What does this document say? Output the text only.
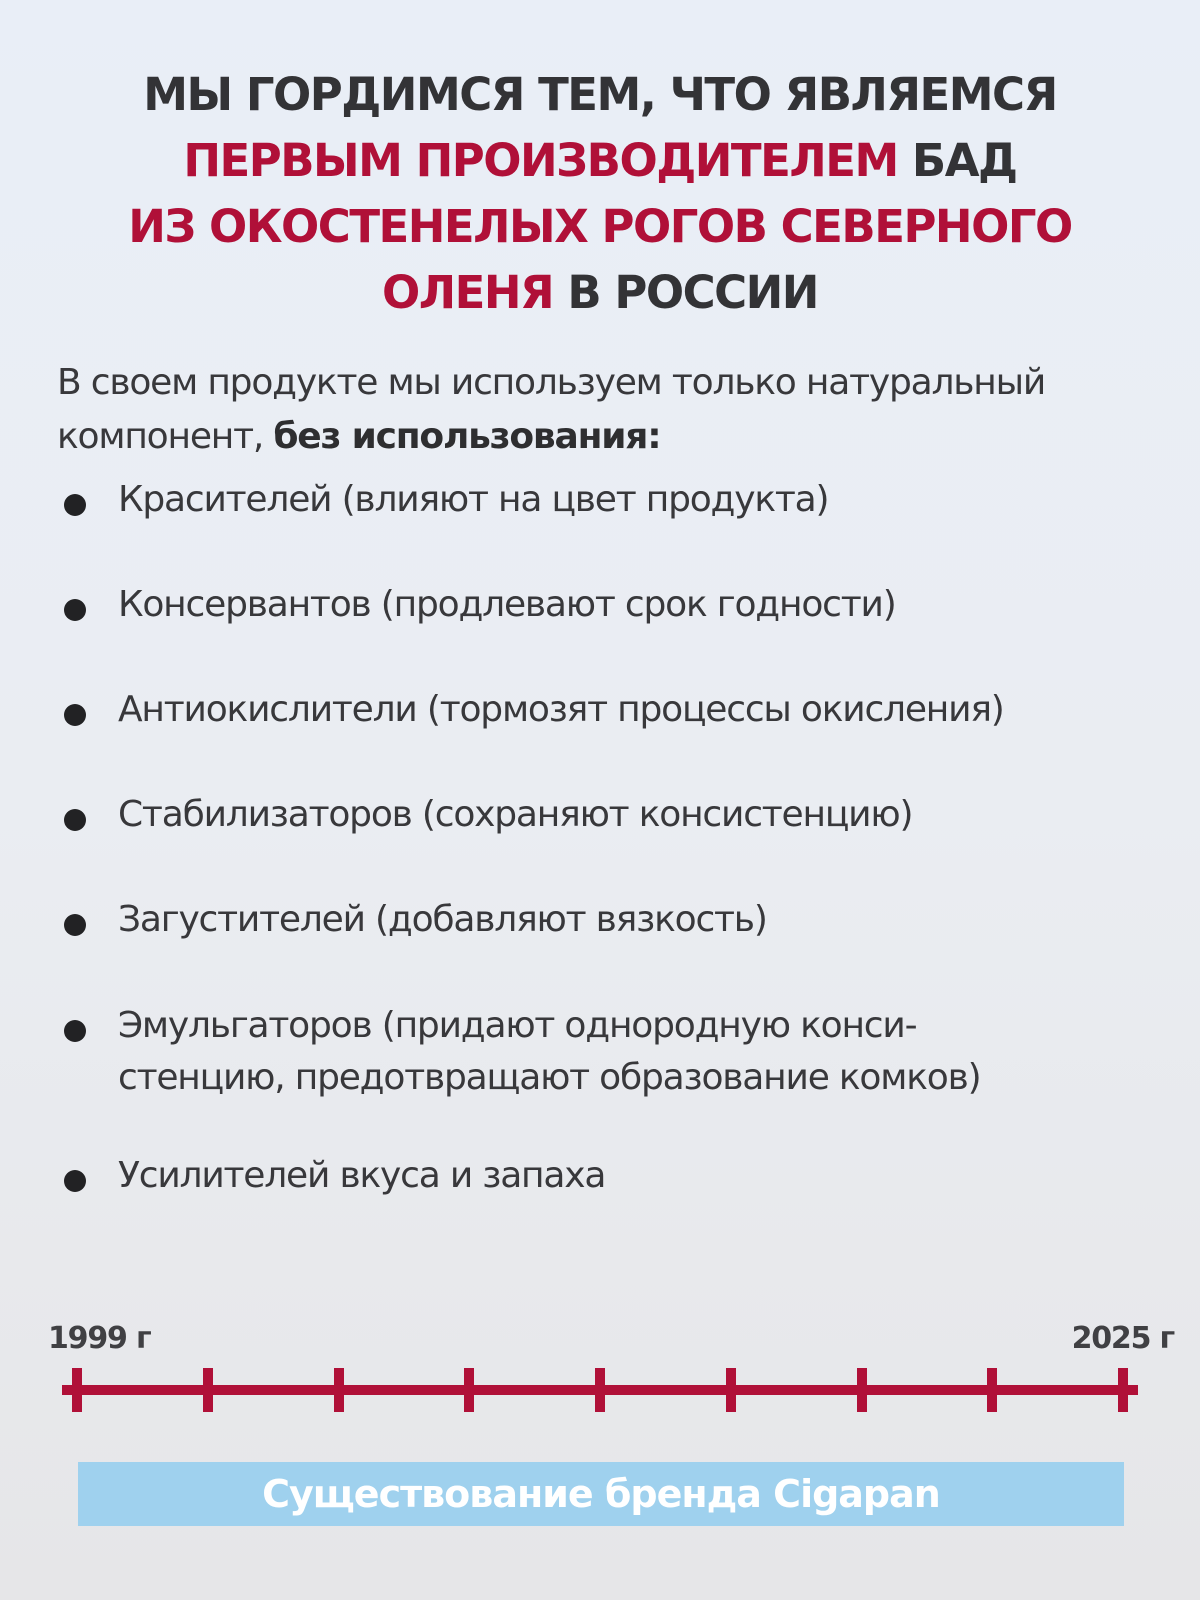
МЫ ГОРДИМСЯ ТЕМ, ЧТО ЯВЛЯЕМСЯ
ПЕРВЫМ ПРОИЗВОДИТЕЛЕМ БАД
ИЗ ОКОСТЕНЕЛЫХ РОГОВ СЕВЕРНОГО
ОЛЕНЯ В РОССИИ
В своем продукте мы используем только натуральный
компонент, без использования:
Красителей (влияют на цвет продукта)
Консервантов (продлевают срок годности)
Антиокислители (тормозят процессы окисления)
Стабилизаторов (сохраняют консистенцию)
Загустителей (добавляют вязкость)
Эмульгаторов (придают однородную конси-
стенцию, предотвращают образование комков)
Усилителей вкуса и запаха
1999 г	2025 г
Существование бренда Cigapan
